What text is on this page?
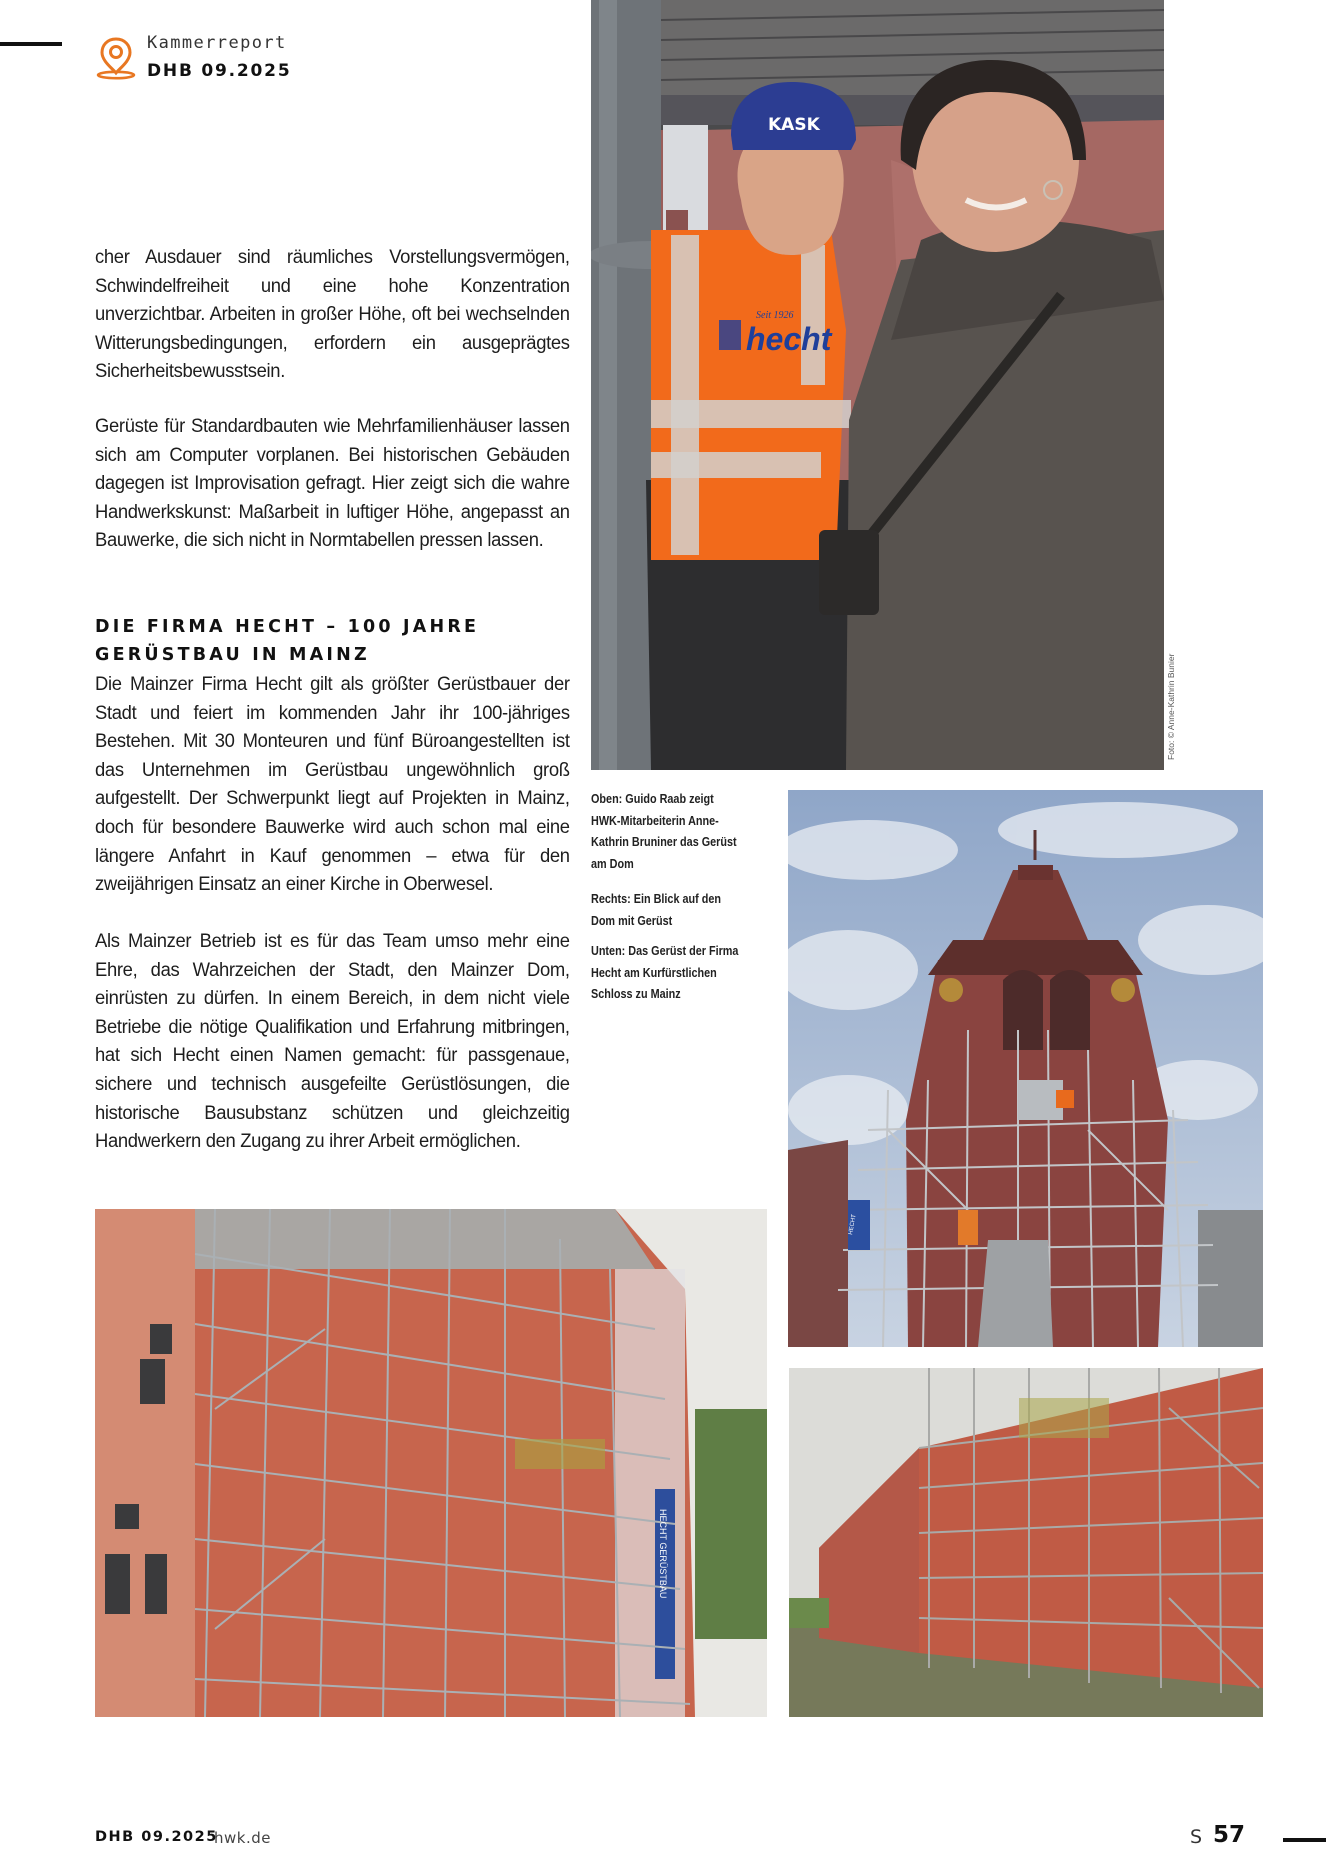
Kammerreport
DHB 09.2025
hecht
Seit 1926
KASK
Foto: © Anne-Kathrin Bunier

cher Ausdauer sind räumliches Vorstellungsvermögen, Schwindelfreiheit und eine hohe Konzentration unverzichtbar. Arbeiten in großer Höhe, oft bei wechselnden Witterungsbedingungen, erfordern ein ausgeprägtes Sicherheitsbewusstsein.

Gerüste für Standardbauten wie Mehrfamilienhäuser lassen sich am Computer vorplanen. Bei historischen Gebäuden dagegen ist Improvisation gefragt. Hier zeigt sich die wahre Handwerkskunst: Maßarbeit in luftiger Höhe, angepasst an Bauwerke, die sich nicht in Normtabellen pressen lassen.

DIE FIRMA HECHT – 100 JAHRE GERÜSTBAU IN MAINZ

Die Mainzer Firma Hecht gilt als größter Gerüstbauer der Stadt und feiert im kommenden Jahr ihr 100-jähriges Bestehen. Mit 30 Monteuren und fünf Büroangestellten ist das Unternehmen im Gerüstbau ungewöhnlich groß aufgestellt. Der Schwerpunkt liegt auf Projekten in Mainz, doch für besondere Bauwerke wird auch schon mal eine längere Anfahrt in Kauf genommen – etwa für den zweijährigen Einsatz an einer Kirche in Oberwesel.

Als Mainzer Betrieb ist es für das Team umso mehr eine Ehre, das Wahrzeichen der Stadt, den Mainzer Dom, einrüsten zu dürfen. In einem Bereich, in dem nicht viele Betriebe die nötige Qualifikation und Erfahrung mitbringen, hat sich Hecht einen Namen gemacht: für passgenaue, sichere und technisch ausgefeilte Gerüstlösungen, die historische Bausubstanz schützen und gleichzeitig Handwerkern den Zugang zu ihrer Arbeit ermöglichen.

Oben: Guido Raab zeigt HWK-Mitarbeiterin Anne-Kathrin Bruniner das Gerüst am Dom
Rechts: Ein Blick auf den Dom mit Gerüst
Unten: Das Gerüst der Firma Hecht am Kurfürstlichen Schloss zu Mainz
HECHT
HECHT GERÜSTBAU
DHB 09.2025
hwk.de	S 57
